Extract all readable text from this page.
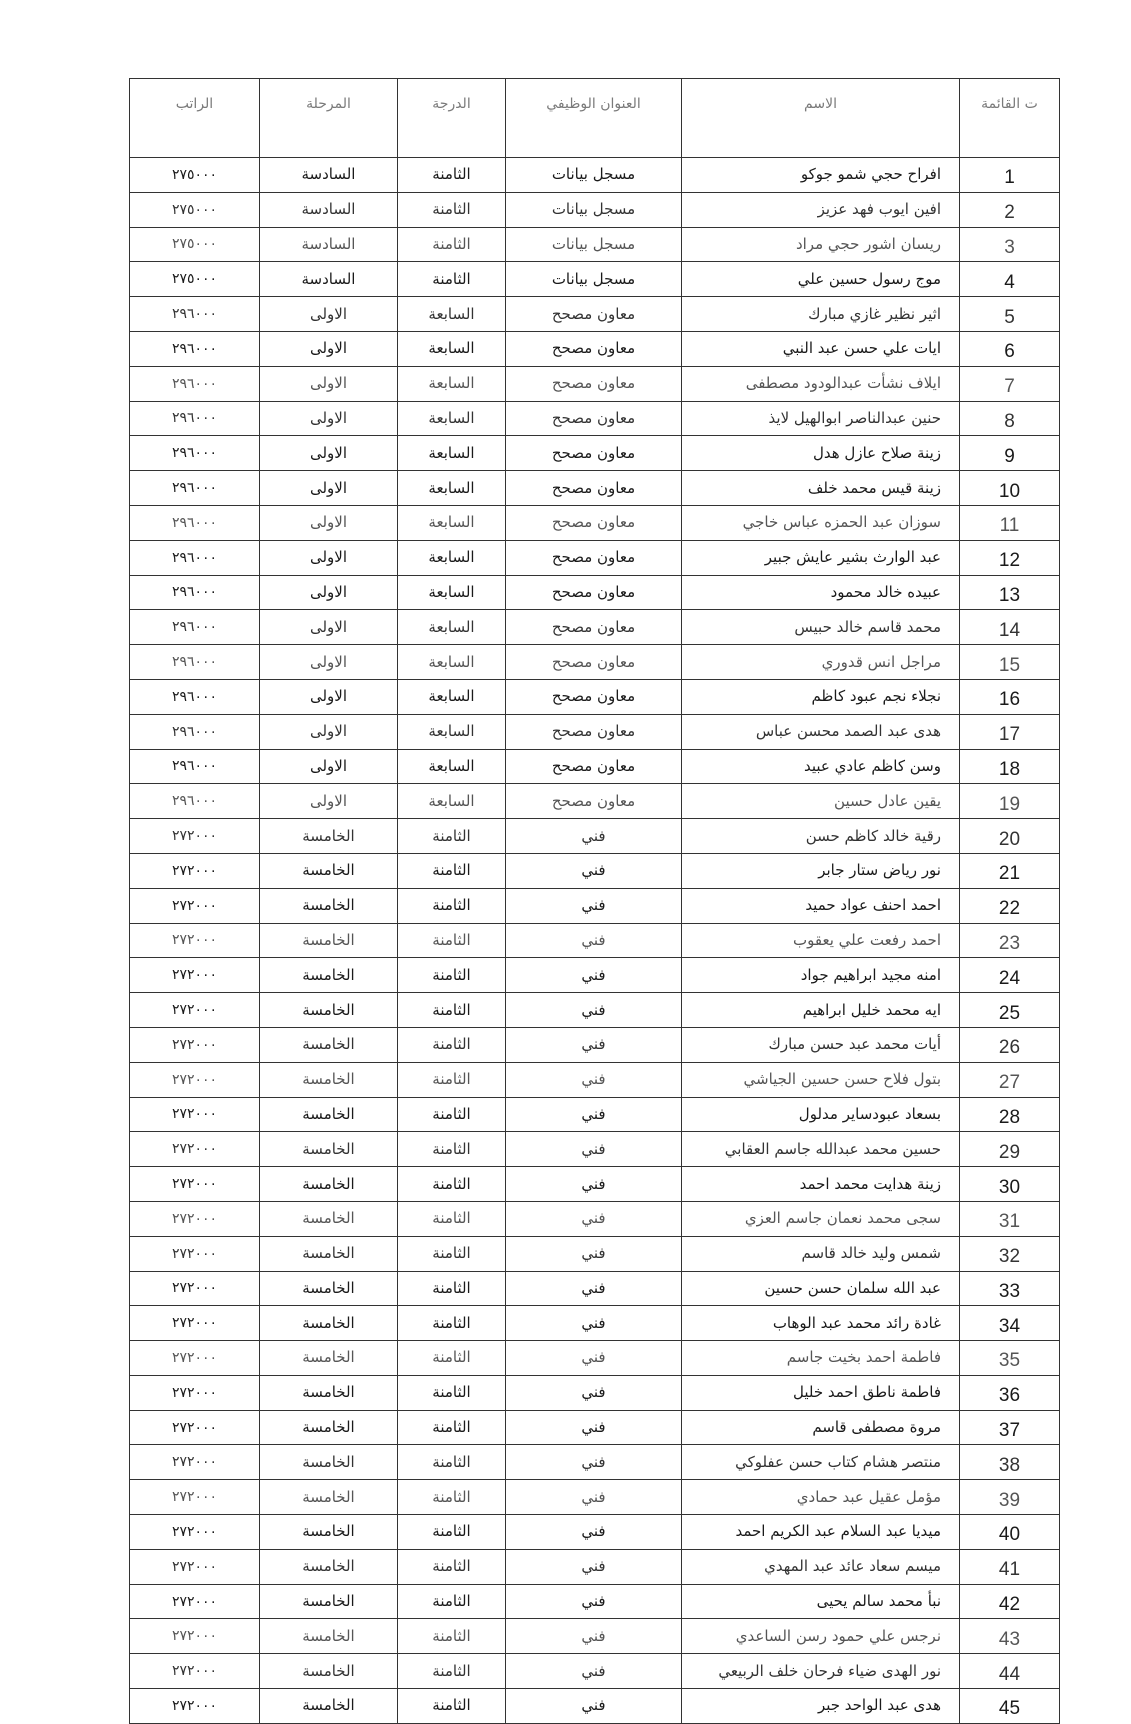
ت القائمة	الاسم	العنوان الوظيفي	الدرجة	المرحلة	الراتب
1	افراح حجي شمو جوكو	مسجل بيانات	الثامنة	السادسة	٢٧٥٠٠٠
2	افين ايوب فهد عزيز	مسجل بيانات	الثامنة	السادسة	٢٧٥٠٠٠
3	ريسان اشور حجي مراد	مسجل بيانات	الثامنة	السادسة	٢٧٥٠٠٠
4	موج رسول حسين علي	مسجل بيانات	الثامنة	السادسة	٢٧٥٠٠٠
5	اثير نظير غازي مبارك	معاون مصحح	السابعة	الاولى	٢٩٦٠٠٠
6	ايات علي حسن عبد النبي	معاون مصحح	السابعة	الاولى	٢٩٦٠٠٠
7	ايلاف نشأت عبدالودود مصطفى	معاون مصحح	السابعة	الاولى	٢٩٦٠٠٠
8	حنين عبدالناصر ابوالهيل لايذ	معاون مصحح	السابعة	الاولى	٢٩٦٠٠٠
9	زينة صلاح عازل هدل	معاون مصحح	السابعة	الاولى	٢٩٦٠٠٠
10	زينة قيس محمد خلف	معاون مصحح	السابعة	الاولى	٢٩٦٠٠٠
11	سوزان عبد الحمزه عباس خاجي	معاون مصحح	السابعة	الاولى	٢٩٦٠٠٠
12	عبد الوارث بشير عايش جبير	معاون مصحح	السابعة	الاولى	٢٩٦٠٠٠
13	عبيده خالد محمود	معاون مصحح	السابعة	الاولى	٢٩٦٠٠٠
14	محمد قاسم خالد حبيس	معاون مصحح	السابعة	الاولى	٢٩٦٠٠٠
15	مراجل انس قدوري	معاون مصحح	السابعة	الاولى	٢٩٦٠٠٠
16	نجلاء نجم عبود كاظم	معاون مصحح	السابعة	الاولى	٢٩٦٠٠٠
17	هدى عبد الصمد محسن عباس	معاون مصحح	السابعة	الاولى	٢٩٦٠٠٠
18	وسن كاظم عادي عبيد	معاون مصحح	السابعة	الاولى	٢٩٦٠٠٠
19	يقين عادل حسين	معاون مصحح	السابعة	الاولى	٢٩٦٠٠٠
20	رقية خالد كاظم حسن	فني	الثامنة	الخامسة	٢٧٢٠٠٠
21	نور رياض ستار جابر	فني	الثامنة	الخامسة	٢٧٢٠٠٠
22	احمد احنف عواد حميد	فني	الثامنة	الخامسة	٢٧٢٠٠٠
23	احمد رفعت علي يعقوب	فني	الثامنة	الخامسة	٢٧٢٠٠٠
24	امنه مجيد ابراهيم جواد	فني	الثامنة	الخامسة	٢٧٢٠٠٠
25	ايه محمد خليل ابراهيم	فني	الثامنة	الخامسة	٢٧٢٠٠٠
26	أيات محمد عبد حسن مبارك	فني	الثامنة	الخامسة	٢٧٢٠٠٠
27	بتول فلاح حسن حسين الجياشي	فني	الثامنة	الخامسة	٢٧٢٠٠٠
28	بسعاد عبودساير مدلول	فني	الثامنة	الخامسة	٢٧٢٠٠٠
29	حسين محمد عبدالله جاسم العقابي	فني	الثامنة	الخامسة	٢٧٢٠٠٠
30	زينة هدايت محمد احمد	فني	الثامنة	الخامسة	٢٧٢٠٠٠
31	سجى محمد نعمان جاسم العزي	فني	الثامنة	الخامسة	٢٧٢٠٠٠
32	شمس وليد خالد قاسم	فني	الثامنة	الخامسة	٢٧٢٠٠٠
33	عبد الله سلمان حسن حسين	فني	الثامنة	الخامسة	٢٧٢٠٠٠
34	غادة رائد محمد عبد الوهاب	فني	الثامنة	الخامسة	٢٧٢٠٠٠
35	فاطمة احمد بخيت جاسم	فني	الثامنة	الخامسة	٢٧٢٠٠٠
36	فاطمة ناطق احمد خليل	فني	الثامنة	الخامسة	٢٧٢٠٠٠
37	مروة مصطفى قاسم	فني	الثامنة	الخامسة	٢٧٢٠٠٠
38	منتصر هشام كتاب حسن عفلوكي	فني	الثامنة	الخامسة	٢٧٢٠٠٠
39	مؤمل عقيل عبد حمادي	فني	الثامنة	الخامسة	٢٧٢٠٠٠
40	ميديا عبد السلام عبد الكريم احمد	فني	الثامنة	الخامسة	٢٧٢٠٠٠
41	ميسم سعاد عائد عبد المهدي	فني	الثامنة	الخامسة	٢٧٢٠٠٠
42	نبأ محمد سالم يحيى	فني	الثامنة	الخامسة	٢٧٢٠٠٠
43	نرجس علي حمود رسن الساعدي	فني	الثامنة	الخامسة	٢٧٢٠٠٠
44	نور الهدى ضياء فرحان خلف الربيعي	فني	الثامنة	الخامسة	٢٧٢٠٠٠
45	هدى عبد الواحد جبر	فني	الثامنة	الخامسة	٢٧٢٠٠٠
